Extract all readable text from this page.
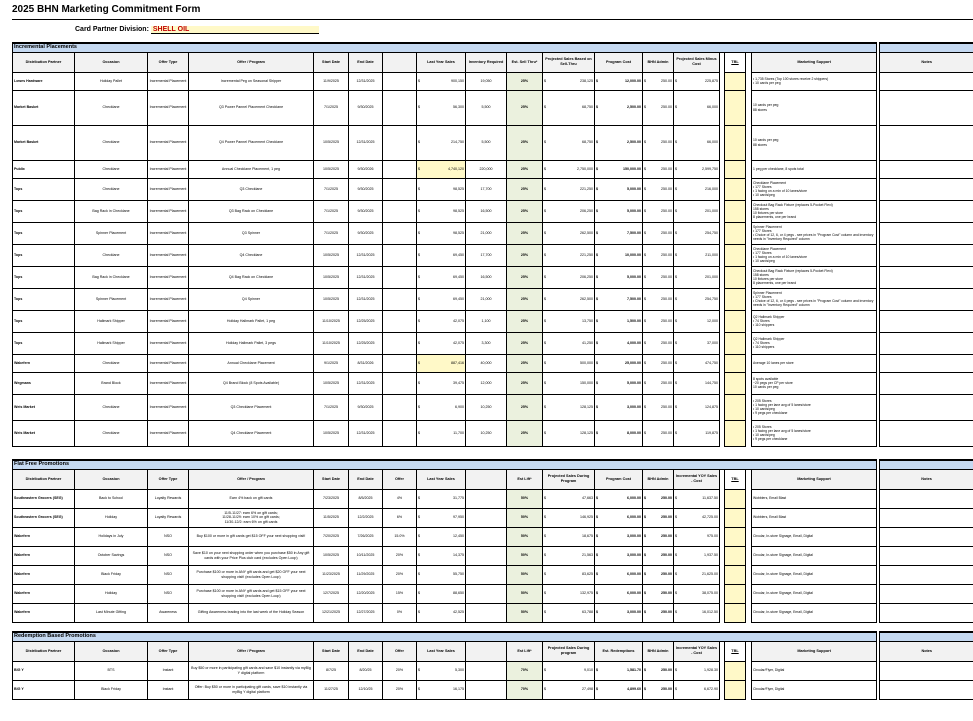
2025 BHN Marketing Commitment Form
Card Partner Division: SHELL OIL
Incremental Placements																			
Distribution Partner	Occasion	Offer Type	Offer / Program	Start Date	End Date		Last Year Sales	Inventory Required	Est. Sell Thru*	Projected Sales Based on Sell-Thru	Program Cost	BHN Admin	Projected Sales Minus Cost		TBL		Marketing Support		Notes
Lowes Hardware	Holiday Pallet	Incremental Placement	Incremental Peg on Seasonal Shipper	11/9/2025	12/31/2025		$ 900,150	19,050	25%	$ 238,125	$ 12,000.00	$ 250.00	$ 225,875				• 1,735 Stores (Top 100 stores receive 2 shippers)
• 10 cards per peg		
Market Basket	Checklane	Incremental Placement	Q3 Power Pannel Placement Checklane	7/1/2025	9/30/2025		$ 56,300	5,500	25%	$ 68,750	$ 2,500.00	$ 250.00	$ 66,000				10 cards per peg
88 stores		
Market Basket	Checklane	Incremental Placement	Q4 Power Pannel Placement Checklane	10/5/2025	12/31/2025		$ 214,750	5,500	25%	$ 68,750	$ 2,500.00	$ 250.00	$ 66,000				10 cards per peg
88 stores		
Publix	Checklane	Incremental Placement	Annual Checklane Placement, 1 peg	10/5/2025	9/30/2026		$ 4,740,120	220,000	25%	$ 2,750,000	$ 150,000.00	$ 250.00	$ 2,599,750				1 peg per checklane, 8 spots total		
Tops	Checklane	Incremental Placement	Q3 Checklane	7/1/2025	9/30/2025		$ 98,525	17,700	25%	$ 221,250	$ 5,000.00	$ 250.00	$ 216,000				Checklane Placement
• 177 Stores
• 1 facing on a min of 10 lanes/store
• 10 cards/peg		
Tops	Bag Rack in Checklane	Incremental Placement	Q3 Bag Rack on Checklane	7/1/2025	9/30/2025		$ 98,525	16,500	25%	$ 206,250	$ 5,000.00	$ 250.00	$ 201,000				Checkout Bag Rack Fixture (replaces 5-Pocket Flexi)
158 stores
10 fixtures per store
8 placements, one per brand		
Tops	Spinner Placement	Incremental Placement	Q3 Spinner	7/1/2025	9/30/2025		$ 98,525	21,000	25%	$ 262,500	$ 7,500.00	$ 250.00	$ 254,750				Spinner Placement
• 177 Stores
• Choice of 12, 6, or 4 pegs - see prices in "Program Cost" column and inventory needs in "Inventory Required" column		
Tops	Checklane	Incremental Placement	Q4 Checklane	10/5/2025	12/31/2025		$ 69,450	17,700	25%	$ 221,250	$ 10,000.00	$ 250.00	$ 211,000				Checklane Placement
• 177 Stores
• 1 facing on a min of 10 lanes/store
• 10 cards/peg		
Tops	Bag Rack in Checklane	Incremental Placement	Q4 Bag Rack on Checklane	10/5/2025	12/31/2025		$ 69,450	16,500	25%	$ 206,250	$ 5,000.00	$ 250.00	$ 201,000				Checkout Bag Rack Fixture (replaces 5-Pocket Flexi)
158 stores
10 fixtures per store
8 placements, one per brand		
Tops	Spinner Placement	Incremental Placement	Q4 Spinner	10/5/2025	12/31/2025		$ 69,450	21,000	25%	$ 262,500	$ 7,500.00	$ 250.00	$ 254,750				Spinner Placement
• 177 Stores
• Choice of 12, 6, or 4 pegs - see prices in "Program Cost" column and inventory needs in "Inventory Required" column		
Tops	Hallmark Shipper	Incremental Placement	Holiday Hallmark Pallet, 1 peg	11/10/2025	12/25/2025		$ 42,075	1,100	25%	$ 13,750	$ 1,500.00	$ 250.00	$ 12,000				Q2 Hallmark Shipper
• 74 Stores
• 110 shippers		
Tops	Hallmark Shipper	Incremental Placement	Holiday Hallmark Pallet, 3 pegs	11/10/2025	12/25/2025		$ 42,075	3,300	25%	$ 41,250	$ 4,000.00	$ 250.00	$ 37,000				Q2 Hallmark Shipper
• 74 Stores
• 110 shippers		
Wakefern	Checklane	Incremental Placement	Annual Checklane Placement	9/1/2025	8/31/2026		$ 887,416	40,000	25%	$ 500,000	$ 25,000.00	$ 250.00	$ 474,750				Average 10 lanes per store		
Wegmans	Brand Block	Incremental Placement	Q4 Brand Block (8 Spots Available)	10/5/2025	12/31/2025		$ 39,475	12,000	25%	$ 150,000	$ 5,000.00	$ 250.00	$ 144,750				8 spots available
~20 pegs per CP per store
10 cards per peg		
Weis Market	Checklane	Incremental Placement	Q3 Checklane Placement	7/1/2025	9/30/2025		$ 6,900	10,250	25%	$ 128,125	$ 3,000.00	$ 250.00	$ 124,875				• 205 Stores
• 1 facing per lane avg of 5 lanes/store
• 10 cards/peg
• 9 pegs per checklane		
Weis Market	Checklane	Incremental Placement	Q4 Checklane Placement	10/5/2025	12/31/2025		$ 11,700	10,250	25%	$ 128,125	$ 8,000.00	$ 250.00	$ 119,875				• 205 Stores
• 1 facing per lane avg of 5 lanes/store
• 10 cards/peg
• 9 pegs per checklane		
Flat Free Promotions																			
Distribution Partner	Occasion	Offer Type	Offer / Program	Start Date	End Date	Offer	Last Year Sales		Est Lift*	Projected Sales During Program	Program Cost	BHN Admin	Incremental YOY Sales - Cost		TBL		Marketing Support		Notes
Southeastern Grocers (SEG)	Back to School	Loyalty Rewards	Earn 4% back on gift cards	7/23/2025	8/5/2025	4%	$ 31,775		50%	$ 47,663	$ 6,000.00	$ 250.00	$ 11,637.50				Wobblers, Email Blast		
Southeastern Grocers (SEG)	Holiday	Loyalty Rewards	11/5-11/27: earn 6% on gift cards;
11/28-11/29: earn 10% on gift cards;
11/30-12/2: earn 6% on gift cards	11/5/2025	12/2/2025	6%	$ 97,950		50%	$ 146,925	$ 6,000.00	$ 250.00	$ 42,725.00				Wobblers, Email Blast		
Wakefern	Holidays in July	NSO	Buy $100 or more in gift cards get $15 OFF your next shopping visit!	7/20/2025	7/26/2025	15.0%	$ 12,450		50%	$ 18,675	$ 3,000.00	$ 250.00	$ 975.00				Circular, In-store Signage, Email, Digital		
Wakefern	October Savings	NSO	Save $10 on your next shopping order when you purchase $50 in Any gift cards with your Price Plus club card (excludes Open Loop)	10/5/2025	10/11/2025	20%	$ 14,375		50%	$ 21,563	$ 3,000.00	$ 250.00	$ 1,937.50				Circular, In-store Signage, Email, Digital		
Wakefern	Black Friday	NSO	Purchase $100 or more in ANY gift cards and get $20 OFF your next shopping visit! (excludes Open Loop)	11/23/2025	11/29/2025	20%	$ 55,750		50%	$ 83,625	$ 6,000.00	$ 250.00	$ 21,625.00				Circular, In-store Signage, Email, Digital		
Wakefern	Holiday	NSO	Purchase $100 or more in ANY gift cards and get $15 OFF your next shopping visit! (excludes Open Loop)	12/7/2025	12/20/2025	15%	$ 88,650		50%	$ 132,975	$ 6,000.00	$ 250.00	$ 38,075.00				Circular, In-store Signage, Email, Digital		
Wakefern	Last Minute Gifting	Awareness	Gifting Awareness leading into the last week of the Holiday Season	12/21/2025	12/27/2025	0%	$ 42,525		50%	$ 63,788	$ 3,000.00	$ 250.00	$ 16,012.50				Circular, In-store Signage, Email, Digital		
Redemption Based Promotions																			
Distribution Partner	Occasion	Offer Type	Offer / Program	Start Date	End Date	Offer	Last Year Sales		Est Lift*	Projected Sales During program	Est. Redemptions	BHN Admin	Incremental YOY Sales - Cost		TBL		Marketing Support		Notes
BIG Y	BTS	Instant	Buy $50 or more in participating gift cards and save $10 instantly via myBig Y digital platform	8/7/25	8/20/25	20%	$ 5,300		70%	$ 9,010	$ 1,581.70	$ 250.00	$ 1,928.30				Circular/Flyer, Digital		
BIG Y	Black Friday	Instant	Offer: Buy $50 or more in participating gift cards, save $10 instantly via myBig Y digital platform	11/27/25	12/10/25	20%	$ 16,175		70%	$ 27,498	$ 4,899.60	$ 250.00	$ 6,672.90				Circular/Flyer, Digital		
